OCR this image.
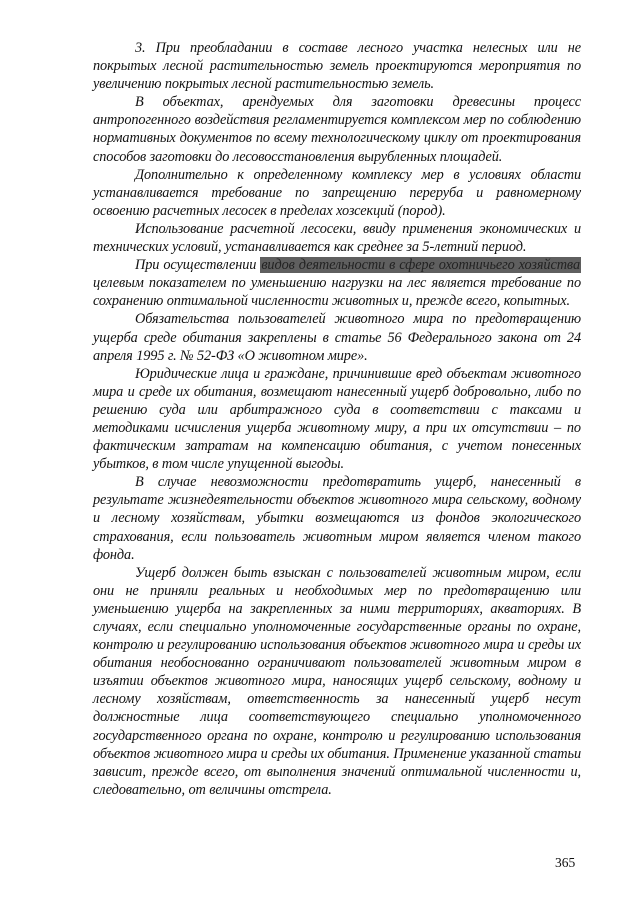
3. При преобладании в составе лесного участка нелесных или не покрытых лесной растительностью земель проектируются мероприятия по увеличению покрытых лесной растительностью земель.

В объектах, арендуемых для заготовки древесины процесс антропогенного воздействия регламентируется комплексом мер по соблюдению нормативных документов по всему технологическому циклу от проектирования способов заготовки до лесовосстановления вырубленных площадей.

Дополнительно к определенному комплексу мер в условиях области устанавливается требование по запрещению переруба и равномерному освоению расчетных лесосек в пределах хозсекций (пород).

Использование расчетной лесосеки, ввиду применения экономических и технических условий, устанавливается как среднее за 5-летний период.

При осуществлении видов деятельности в сфере охотничьего хозяйства целевым показателем по уменьшению нагрузки на лес является требование по сохранению оптимальной численности животных и, прежде всего, копытных.

Обязательства пользователей животного мира по предотвращению ущерба среде обитания закреплены в статье 56 Федерального закона от 24 апреля 1995 г. № 52-ФЗ «О животном мире».

Юридические лица и граждане, причинившие вред объектам животного мира и среде их обитания, возмещают нанесенный ущерб добровольно, либо по решению суда или арбитражного суда в соответствии с таксами и методиками исчисления ущерба животному миру, а при их отсутствии – по фактическим затратам на компенсацию обитания, с учетом понесенных убытков, в том числе упущенной выгоды.

В случае невозможности предотвратить ущерб, нанесенный в результате жизнедеятельности объектов животного мира сельскому, водному и лесному хозяйствам, убытки возмещаются из фондов экологического страхования, если пользователь животным миром является членом такого фонда.

Ущерб должен быть взыскан с пользователей животным миром, если они не приняли реальных и необходимых мер по предотвращению или уменьшению ущерба на закрепленных за ними территориях, акваториях. В случаях, если специально уполномоченные государственные органы по охране, контролю и регулированию использования объектов животного мира и среды их обитания необоснованно ограничивают пользователей животным миром в изъятии объектов животного мира, наносящих ущерб сельскому, водному и лесному хозяйствам, ответственность за нанесенный ущерб несут должностные лица соответствующего специально уполномоченного государственного органа по охране, контролю и регулированию использования объектов животного мира и среды их обитания. Применение указанной статьи зависит, прежде всего, от выполнения значений оптимальной численности и, следовательно, от величины отстрела.

365
